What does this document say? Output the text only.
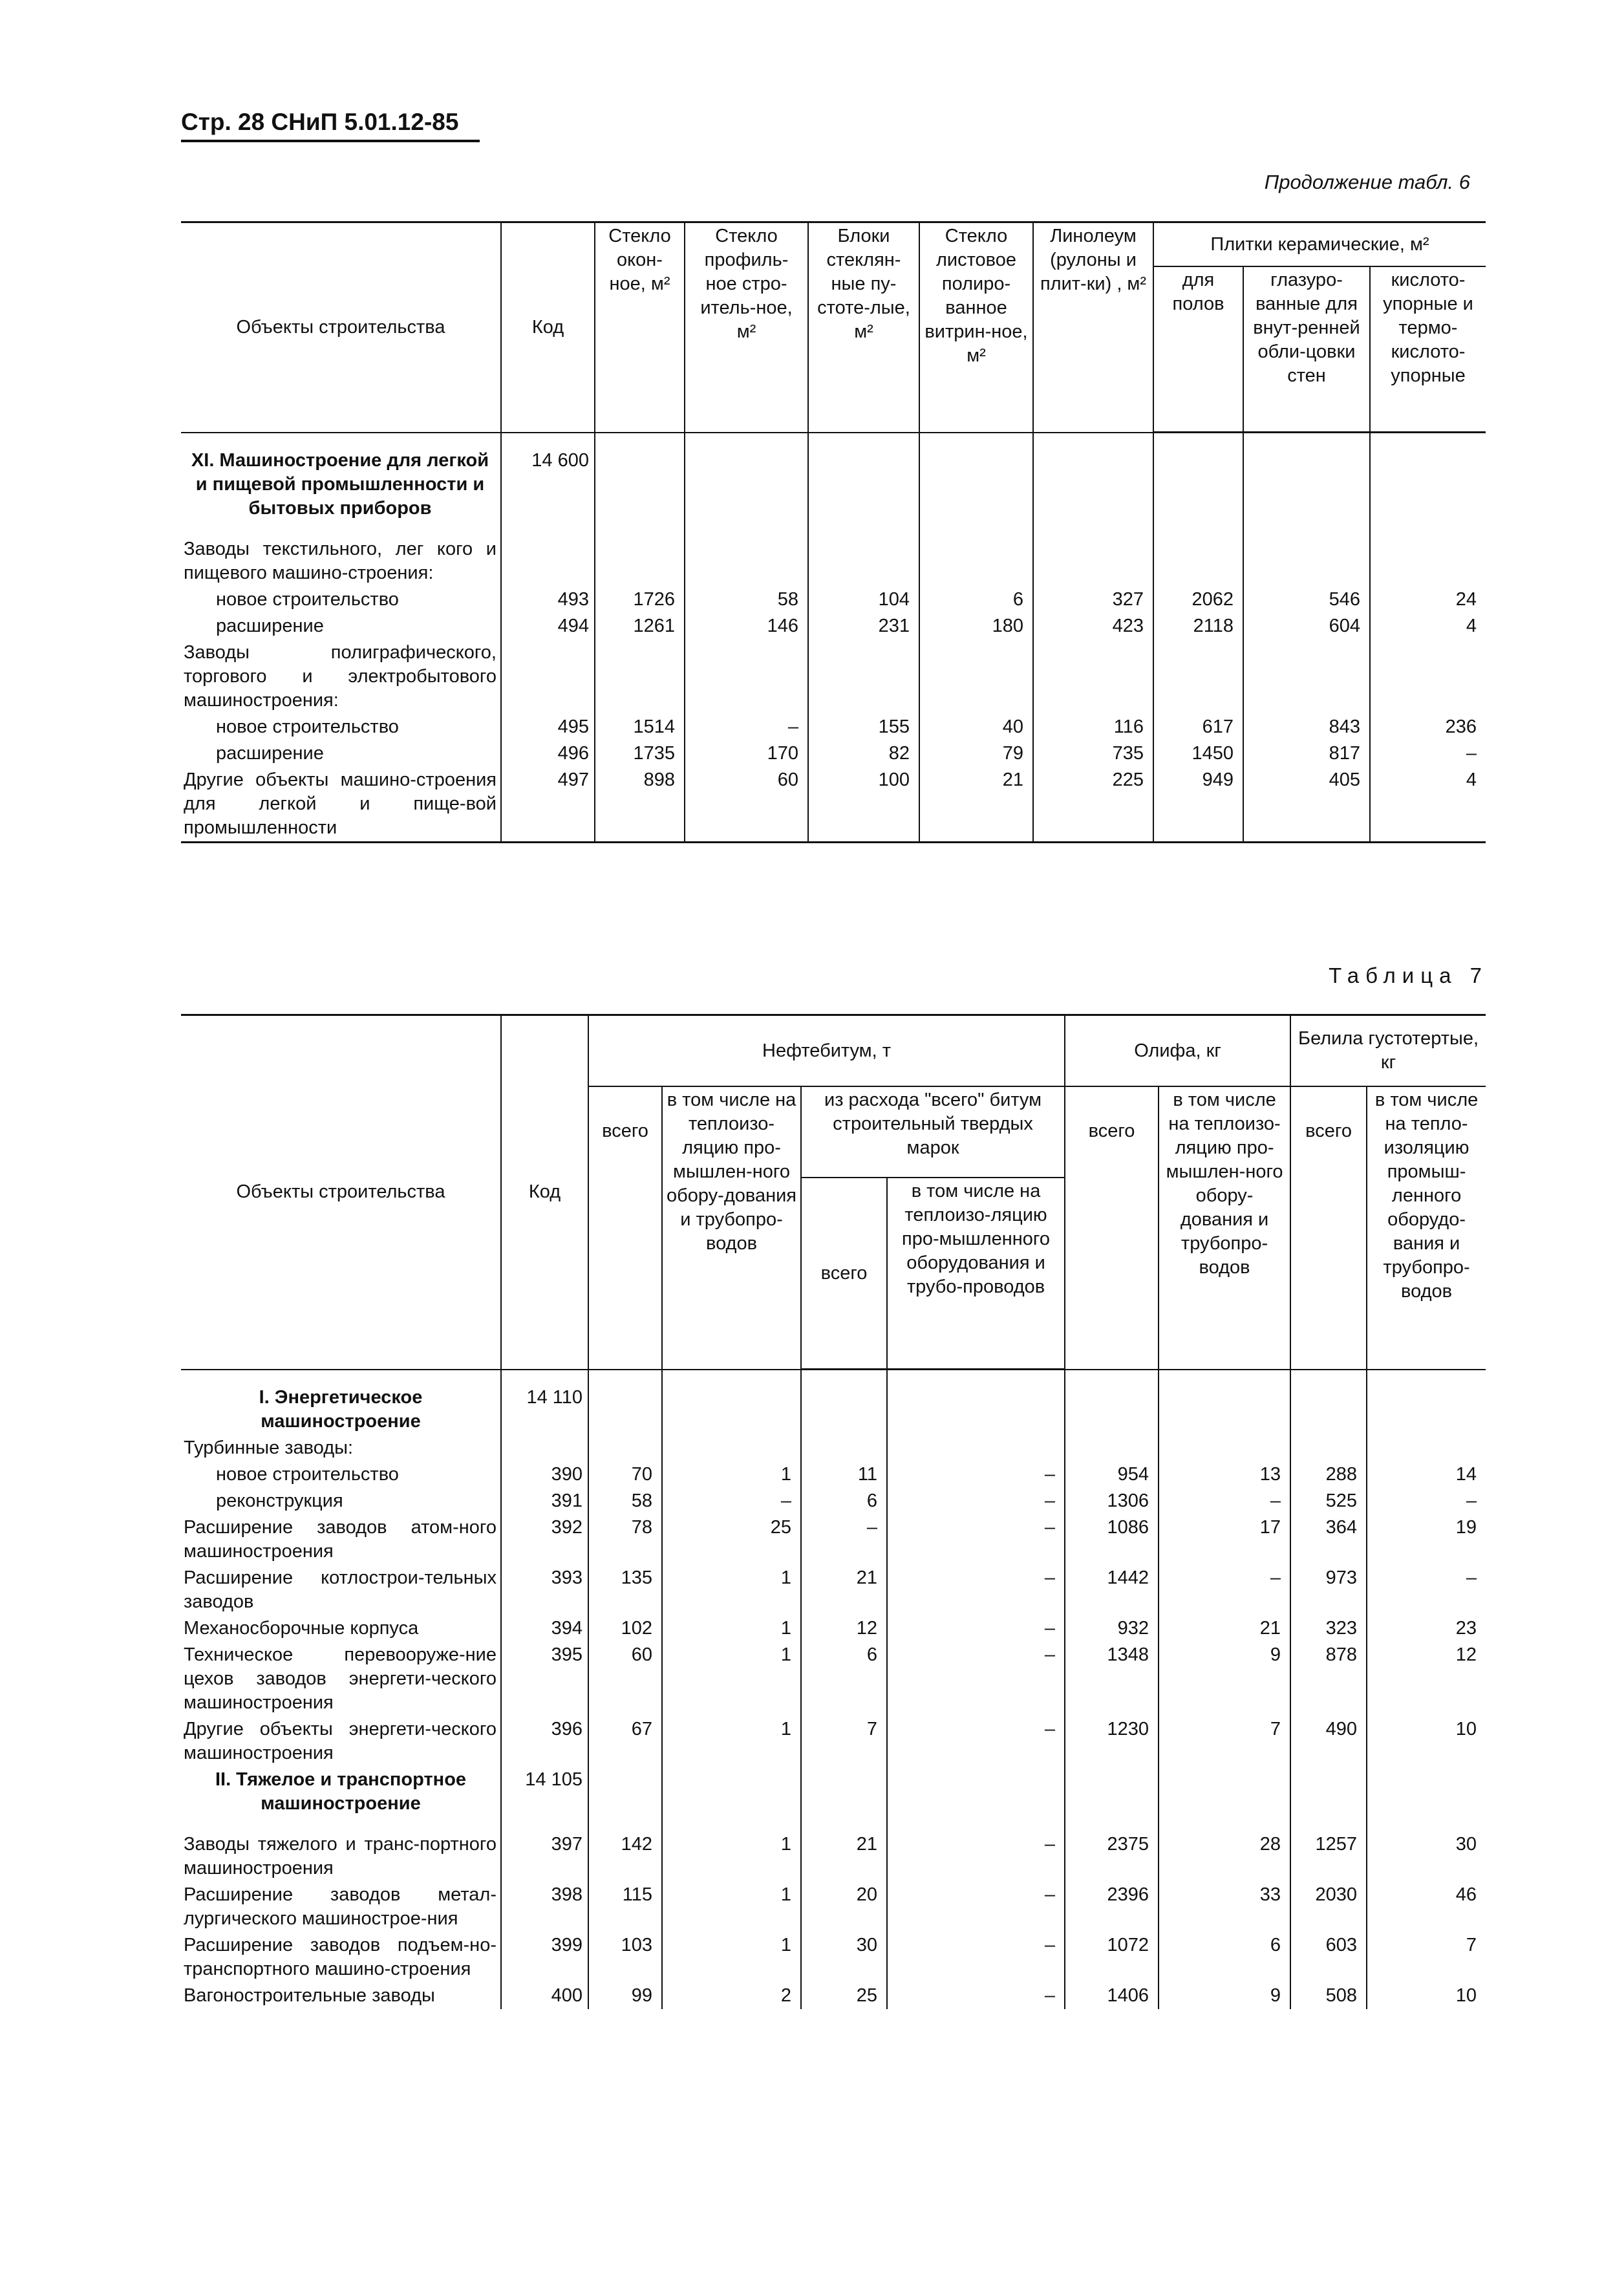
Стр. 28 СНиП 5.01.12-85
Продолжение табл. 6
Объекты строительства	Код	Стекло окон-ное, м²	Стекло профиль-ное стро-итель-ное, м²	Блоки стеклян-ные пу-стоте-лые, м²	Стекло листовое полиро-ванное витрин-ное, м²	Линолеум (рулоны и плит-ки) , м²	Плитки керамические, м²		
							для полов	глазуро-ванные для внут-ренней обли-цовки стен	кислото-упорные и термо-кислото-упорные

XI. Машиностроение для легкой и пищевой промышленности и бытовых приборов	14 600								

Заводы текстильного, лег кого и пищевого машино-строения:									
новое строительство	493	1726	58	104	6	327	2062	546	24
расширение	494	1261	146	231	180	423	2118	604	4
Заводы полиграфического, торгового и электробытового машиностроения:									
новое строительство	495	1514	–	155	40	116	617	843	236
расширение	496	1735	170	82	79	735	1450	817	–
Другие объекты машино-строения для легкой и пище-вой промышленности	497	898	60	100	21	225	949	405	4
Таблица 7
Объекты строительства	Код	Нефтебитум, т				Олифа, кг		Белила густотертые, кг	
		всего	в том числе на теплоизо-ляцию про-мышлен-ного обору-дования и трубопро-водов	из расхода "всего" битум строительный твердых марок		всего	в том числе на теплоизо-ляцию про-мышлен-ного обору-дования и трубопро-водов	всего	в том числе на тепло-изоляцию промыш-ленного оборудо-вания и трубопро-водов
				всего	в том числе на теплоизо-ляцию про-мышленного оборудования и трубо-проводов				

I. Энергетическое машиностроение	14 110								
Турбинные заводы:									
новое строительство	390	70	1	11	–	954	13	288	14
реконструкция	391	58	–	6	–	1306	–	525	–
Расширение заводов атом-ного машиностроения	392	78	25	–	–	1086	17	364	19
Расширение котлострои-тельных заводов	393	135	1	21	–	1442	–	973	–
Механосборочные корпуса	394	102	1	12	–	932	21	323	23
Техническое перевооруже-ние цехов заводов энергети-ческого машиностроения	395	60	1	6	–	1348	9	878	12
Другие объекты энергети-ческого машиностроения	396	67	1	7	–	1230	7	490	10
II. Тяжелое и транспортное машиностроение	14 105								

Заводы тяжелого и транс-портного машиностроения	397	142	1	21	–	2375	28	1257	30
Расширение заводов метал-лургического машинострое-ния	398	115	1	20	–	2396	33	2030	46
Расширение заводов подъем-но-транспортного машино-строения	399	103	1	30	–	1072	6	603	7
Вагоностроительные заводы	400	99	2	25	–	1406	9	508	10
